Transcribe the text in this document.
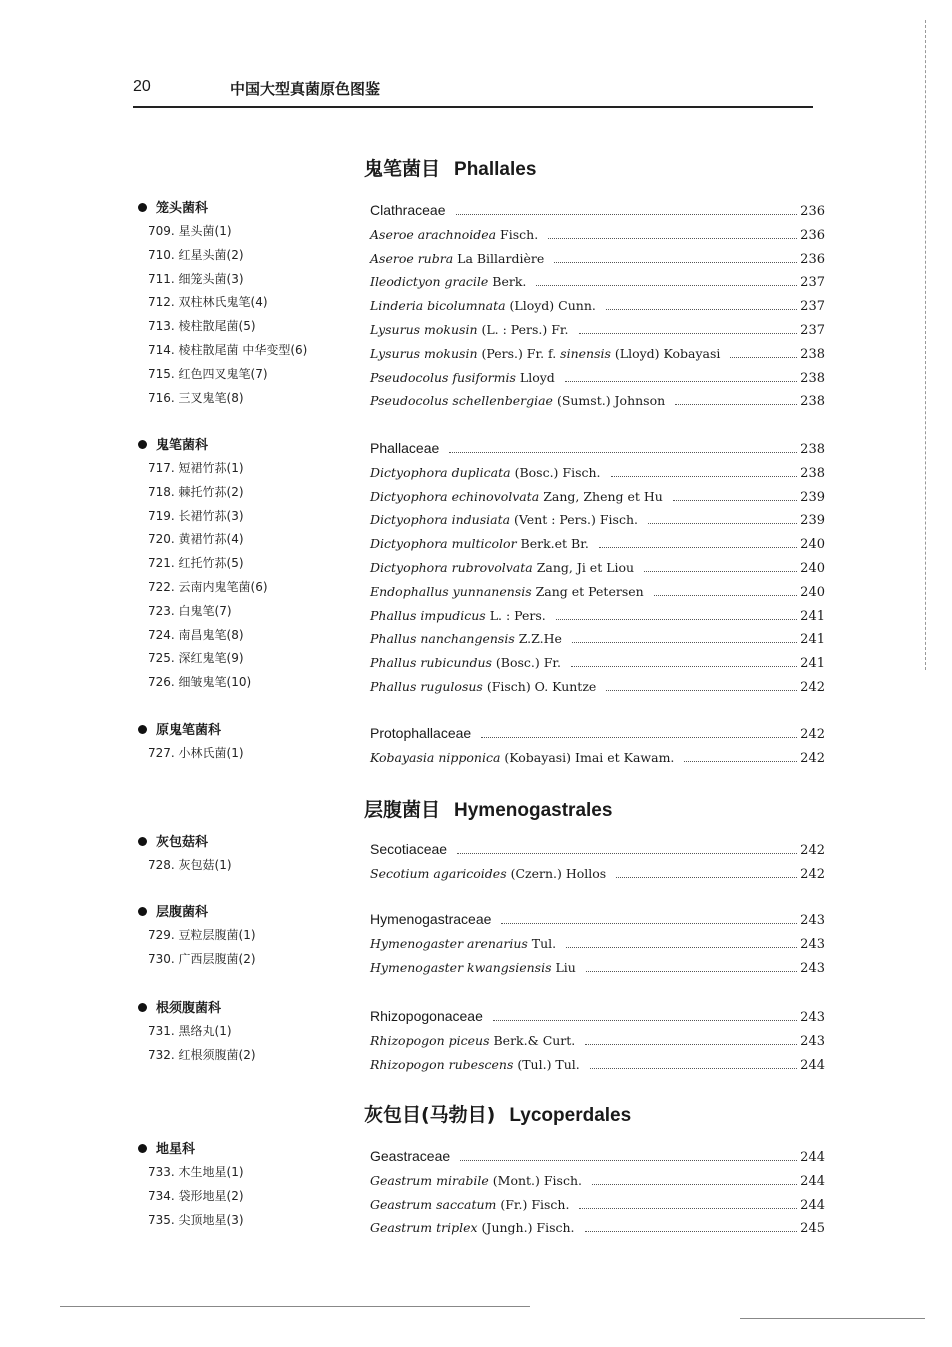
20	中国大型真菌原色图鉴
鬼笔菌目 Phallales
层腹菌目 Hymenogastrales
灰包目(马勃目) Lycoperdales
笼头菌科
709. 星头菌(1)
710. 红星头菌(2)
711. 细笼头菌(3)
712. 双柱林氏鬼笔(4)
713. 棱柱散尾菌(5)
714. 棱柱散尾菌 中华变型(6)
715. 红色四叉鬼笔(7)
716. 三叉鬼笔(8)
鬼笔菌科
717. 短裙竹荪(1)
718. 棘托竹荪(2)
719. 长裙竹荪(3)
720. 黄裙竹荪(4)
721. 红托竹荪(5)
722. 云南内鬼笔菌(6)
723. 白鬼笔(7)
724. 南昌鬼笔(8)
725. 深红鬼笔(9)
726. 细皱鬼笔(10)
原鬼笔菌科
727. 小林氏菌(1)
灰包菇科
728. 灰包菇(1)
层腹菌科
729. 豆粒层腹菌(1)
730. 广西层腹菌(2)
根须腹菌科
731. 黑络丸(1)
732. 红根须腹菌(2)
地星科
733. 木生地星(1)
734. 袋形地星(2)
735. 尖顶地星(3)
Clathraceae	236
Aseroe arachnoidea Fisch.	236
Aseroe rubra La Billardière	236
Ileodictyon gracile Berk.	237
Linderia bicolumnata (Lloyd) Cunn.	237
Lysurus mokusin (L. : Pers.) Fr.	237
Lysurus mokusin (Pers.) Fr. f. sinensis (Lloyd) Kobayasi	238
Pseudocolus fusiformis Lloyd	238
Pseudocolus schellenbergiae (Sumst.) Johnson	238
Phallaceae	238
Dictyophora duplicata (Bosc.) Fisch.	238
Dictyophora echinovolvata Zang, Zheng et Hu	239
Dictyophora indusiata (Vent : Pers.) Fisch.	239
Dictyophora multicolor Berk.et Br.	240
Dictyophora rubrovolvata Zang, Ji et Liou	240
Endophallus yunnanensis Zang et Petersen	240
Phallus impudicus L. : Pers.	241
Phallus nanchangensis Z.Z.He	241
Phallus rubicundus (Bosc.) Fr.	241
Phallus rugulosus (Fisch) O. Kuntze	242
Protophallaceae	242
Kobayasia nipponica (Kobayasi) Imai et Kawam.	242
Secotiaceae	242
Secotium agaricoides (Czern.) Hollos	242
Hymenogastraceae	243
Hymenogaster arenarius Tul.	243
Hymenogaster kwangsiensis Liu	243
Rhizopogonaceae	243
Rhizopogon piceus Berk.& Curt.	243
Rhizopogon rubescens (Tul.) Tul.	244
Geastraceae	244
Geastrum mirabile (Mont.) Fisch.	244
Geastrum saccatum (Fr.) Fisch.	244
Geastrum triplex (Jungh.) Fisch.	245
